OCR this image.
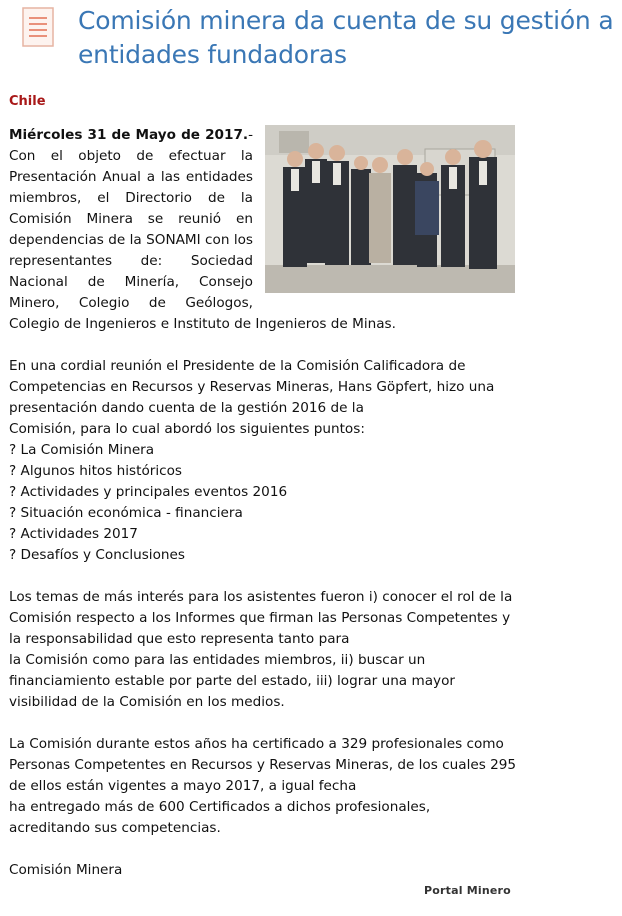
Comisión minera da cuenta de su gestión a entidades fundadoras

Chile

Miércoles 31 de Mayo de 2017.- Con el objeto de efectuar la Presentación Anual a las entidades miembros, el Directorio de la Comisión Minera se reunió en dependencias de la SONAMI con los representantes de: Sociedad Nacional de Minería, Consejo Minero, Colegio de Geólogos, Colegio de Ingenieros e Instituto de Ingenieros de Minas.

En una cordial reunión el Presidente de la Comisión Calificadora de
Competencias en Recursos y Reservas Mineras, Hans Göpfert, hizo una
presentación dando cuenta de la gestión 2016 de la
Comisión, para lo cual abordó los siguientes puntos:
? La Comisión Minera
? Algunos hitos históricos
? Actividades y principales eventos 2016
? Situación económica - financiera
? Actividades 2017
? Desafíos y Conclusiones
Los temas de más interés para los asistentes fueron i) conocer el rol de la
Comisión respecto a los Informes que firman las Personas Competentes y
la responsabilidad que esto representa tanto para
la Comisión como para las entidades miembros, ii) buscar un
financiamiento estable por parte del estado, iii) lograr una mayor
visibilidad de la Comisión en los medios.
La Comisión durante estos años ha certificado a 329 profesionales como
Personas Competentes en Recursos y Reservas Mineras, de los cuales 295
de ellos están vigentes a mayo 2017, a igual fecha
ha entregado más de 600 Certificados a dichos profesionales,
acreditando sus competencias.

Comisión Minera

Portal Minero
